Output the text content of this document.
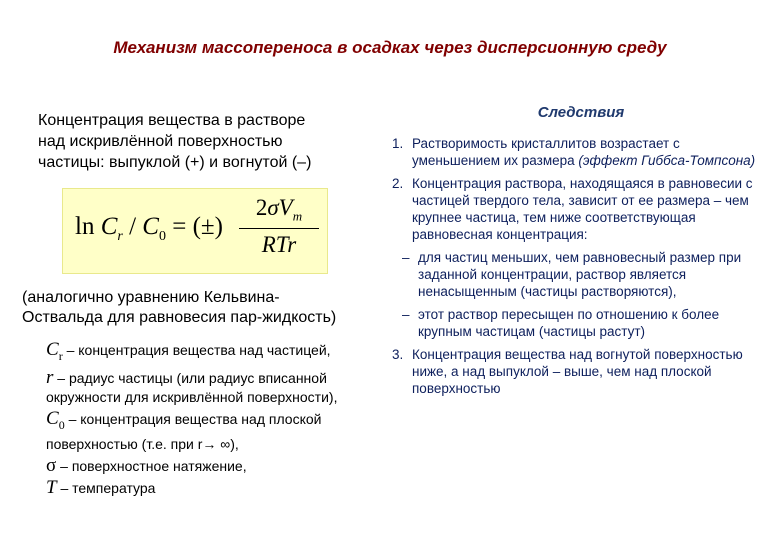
Механизм массопереноса в осадках через дисперсионную среду
Концентрация вещества в растворе над искривлённой поверхностью частицы: выпуклой (+) и вогнутой (–)
$\ln C_r / C_0$ = (±)
$2\sigma V_m$
RTr
(аналогично уравнению Кельвина-Оствальда для равновесия пар-жидкость)
$C_r$ – концентрация вещества над частицей,
r – радиус частицы (или радиус вписанной окружности для искривлённой поверхности),
$C_0$ – концентрация вещества над плоской поверхностью (т.е. при r→ ∞),
σ – поверхностное натяжение,
T – температура
Следствия
1. Растворимость кристаллитов возрастает с уменьшением их размера (эффект Гиббса-Томпсона)
2. Концентрация раствора, находящаяся в равновесии с частицей твердого тела, зависит от ее размера – чем крупнее частица, тем ниже соответствующая равновесная концентрация:
– для частиц меньших, чем равновесный размер при заданной концентрации, раствор является ненасыщенным (частицы растворяются),
– этот раствор пересыщен по отношению к более крупным частицам (частицы растут)
3. Концентрация вещества над вогнутой поверхностью ниже, а над выпуклой – выше, чем над плоской поверхностью
